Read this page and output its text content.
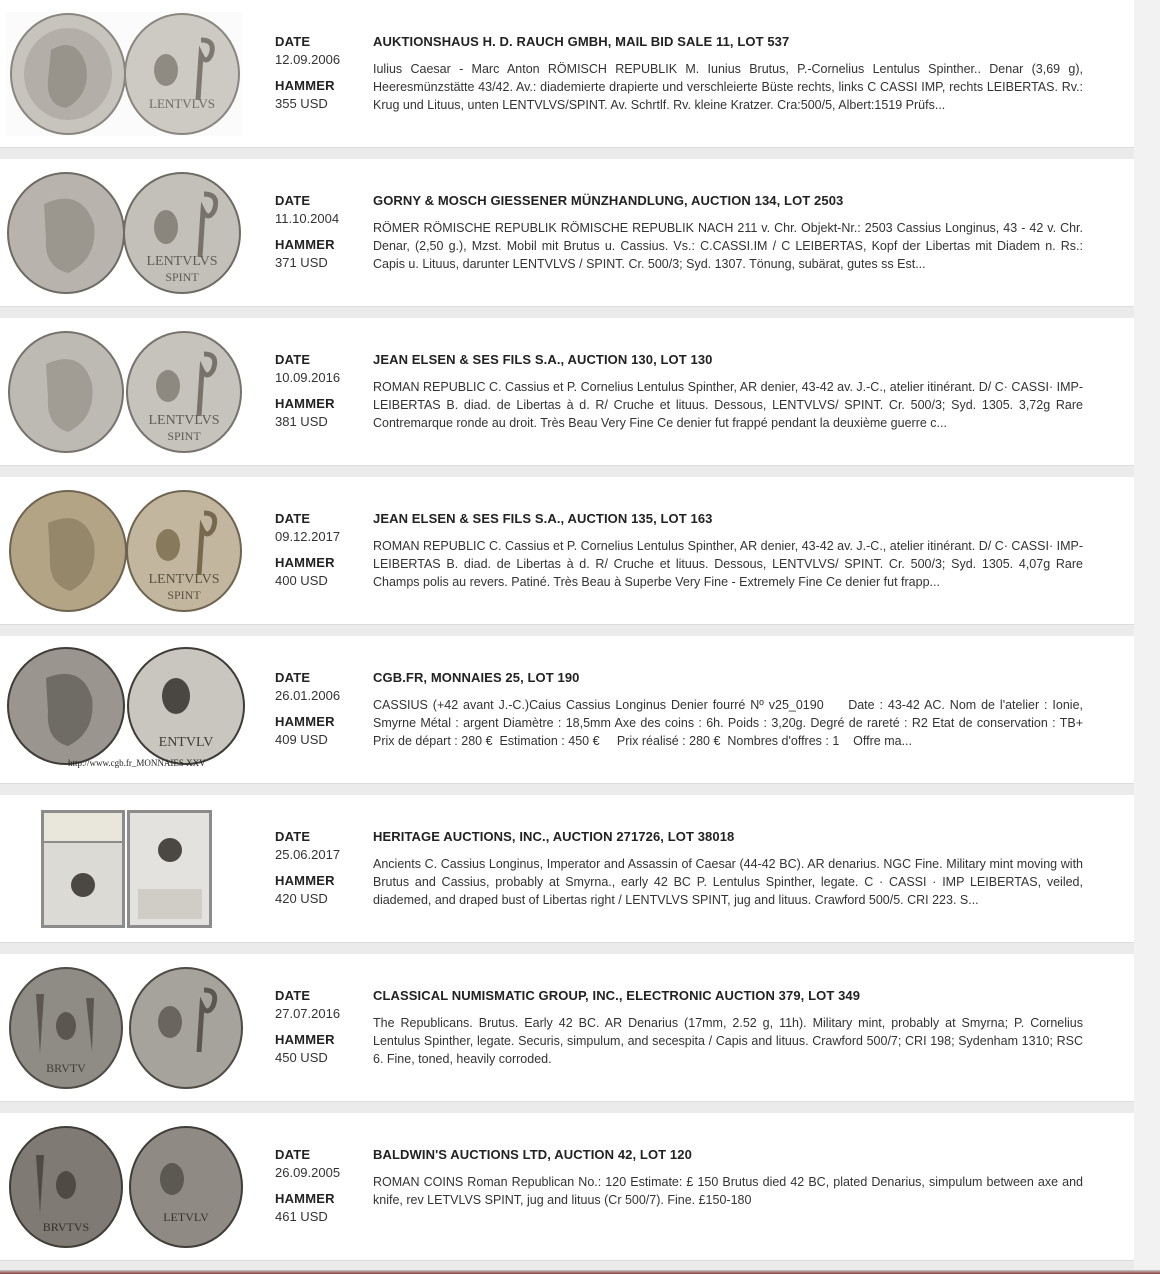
LENTVLVS
DATE
12.09.2006
HAMMER
355 USD
AUKTIONSHAUS H. D. RAUCH GMBH, MAIL BID SALE 11, LOT 537
Iulius Caesar - Marc Anton RÖMISCH REPUBLIK M. Iunius Brutus, P.-Cornelius Lentulus Spinther.. Denar (3,69 g), Heeresmünzstätte 43/42. Av.: diademierte drapierte und verschleierte Büste rechts, links C CASSI IMP, rechts LEIBERTAS. Rv.: Krug und Lituus, unten LENTVLVS/SPINT. Av. Schrtlf. Rv. kleine Kratzer. Cra:500/5, Albert:1519 Prüfs...
LENTVLVS
SPINT
DATE
11.10.2004
HAMMER
371 USD
GORNY & MOSCH GIESSENER MÜNZHANDLUNG, AUCTION 134, LOT 2503
RÖMER RÖMISCHE REPUBLIK RÖMISCHE REPUBLIK NACH 211 v. Chr. Objekt-Nr.: 2503 Cassius Longinus, 43 - 42 v. Chr. Denar, (2,50 g.), Mzst. Mobil mit Brutus u. Cassius. Vs.: C.CASSI.IM / C LEIBERTAS, Kopf der Libertas mit Diadem n. Rs.: Capis u. Lituus, darunter LENTVLVS / SPINT. Cr. 500/3; Syd. 1307. Tönung, subärat, gutes ss Est...
LENTVLVS
SPINT
DATE
10.09.2016
HAMMER
381 USD
JEAN ELSEN & SES FILS S.A., AUCTION 130, LOT 130
ROMAN REPUBLIC C. Cassius et P. Cornelius Lentulus Spinther, AR denier, 43-42 av. J.-C., atelier itinérant. D/ C· CASSI· IMP- LEIBERTAS B. diad. de Libertas à d. R/ Cruche et lituus. Dessous, LENTVLVS/ SPINT. Cr. 500/3; Syd. 1305. 3,72g Rare Contremarque ronde au droit. Très Beau Very Fine Ce denier fut frappé pendant la deuxième guerre c...
LENTVLVS
SPINT
DATE
09.12.2017
HAMMER
400 USD
JEAN ELSEN & SES FILS S.A., AUCTION 135, LOT 163
ROMAN REPUBLIC C. Cassius et P. Cornelius Lentulus Spinther, AR denier, 43-42 av. J.-C., atelier itinérant. D/ C· CASSI· IMP- LEIBERTAS B. diad. de Libertas à d. R/ Cruche et lituus. Dessous, LENTVLVS/ SPINT. Cr. 500/3; Syd. 1305. 4,07g Rare Champs polis au revers. Patiné. Très Beau à Superbe Very Fine - Extremely Fine Ce denier fut frapp...
ENTVLV
http://www.cgb.fr_MONNAIES XXV
DATE
26.01.2006
HAMMER
409 USD
CGB.FR, MONNAIES 25, LOT 190
CASSIUS (+42 avant J.-C.)Caius Cassius Longinus Denier fourré Nº v25_0190     Date : 43-42 AC. Nom de l'atelier : Ionie, Smyrne Métal : argent Diamètre : 18,5mm Axe des coins : 6h. Poids : 3,20g. Degré de rareté : R2 Etat de conservation : TB+ Prix de départ : 280 €  Estimation : 450 €     Prix réalisé : 280 €  Nombres d'offres : 1    Offre ma...
DATE
25.06.2017
HAMMER
420 USD
HERITAGE AUCTIONS, INC., AUCTION 271726, LOT 38018
Ancients C. Cassius Longinus, Imperator and Assassin of Caesar (44-42 BC). AR denarius. NGC Fine. Military mint moving with Brutus and Cassius, probably at Smyrna., early 42 BC P. Lentulus Spinther, legate. C · CASSI · IMP LEIBERTAS, veiled, diademed, and draped bust of Libertas right / LENTVLVS SPINT, jug and lituus. Crawford 500/5. CRI 223. S...
BRVTV
DATE
27.07.2016
HAMMER
450 USD
CLASSICAL NUMISMATIC GROUP, INC., ELECTRONIC AUCTION 379, LOT 349
The Republicans. Brutus. Early 42 BC. AR Denarius (17mm, 2.52 g, 11h). Military mint, probably at Smyrna; P. Cornelius Lentulus Spinther, legate. Securis, simpulum, and secespita / Capis and lituus. Crawford 500/7; CRI 198; Sydenham 1310; RSC 6. Fine, toned, heavily corroded.
BRVTVS
LETVLV
DATE
26.09.2005
HAMMER
461 USD
BALDWIN'S AUCTIONS LTD, AUCTION 42, LOT 120
ROMAN COINS Roman Republican No.: 120 Estimate: £ 150 Brutus died 42 BC, plated Denarius, simpulum between axe and knife, rev LETVLVS SPINT, jug and lituus (Cr 500/7). Fine. £150-180
